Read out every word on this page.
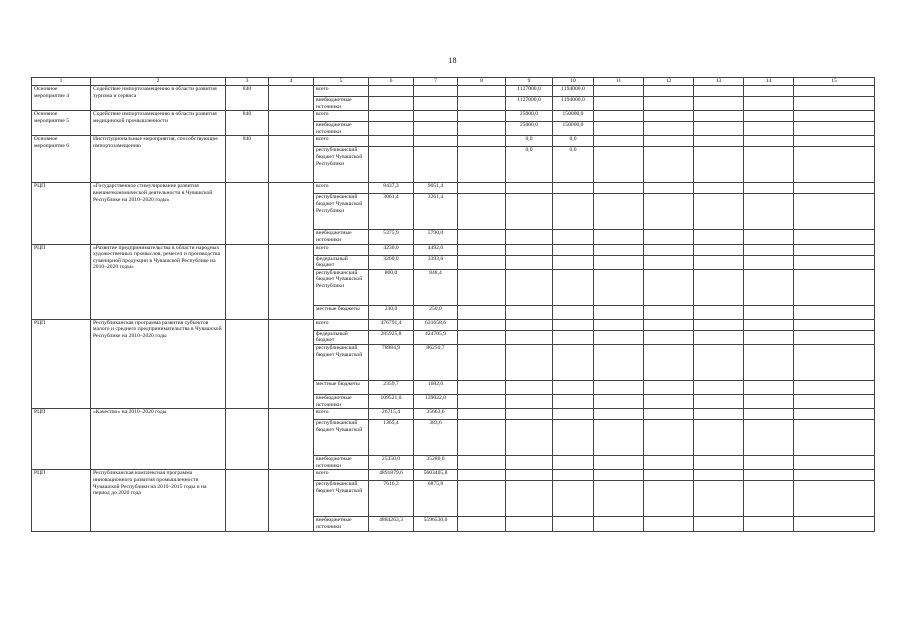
18
1	2	3	4	5	6	7	8	9	10	11	12	13	14	15
Основное мероприятие 4	Содействие импортозамещению в области развития туризма и сервиса	840		всего				1127000,0	1194000,0					
				внебюджетные источники				1127000,0	1194000,0					
Основное мероприятие 5	Содействие импортозамещению в области развития медицинской промышленности	840		всего				25000,0	150000,0					
				внебюджетные источники				25000,0	150000,0					
Основное мероприятие 6	Институциональные мероприятия, способствующие импортозамещению	840		всего				0,0	0,0					
				республиканский бюджет Чувашской Республики				0,0	0,0					
РЦП	«Государственное стимулирование развития внешнеэкономической деятельности в Чувашской Республике на 2010–2020 годы»			всего	8437,3	9051,4								
				республиканский бюджет Чувашской Республики	3061,4	3261,4								
				внебюджетные источники	5375,9	5790,0								
РЦП	«Развитие предпринимательства в области народных художественных промыслов, ремесел и производства сувенирной продукции в Чувашской Республике на 2010–2020 годы»			всего	4230,0	4492,0								
				федеральный бюджет	3200,0	3393,6								
				республиканский бюджет Чувашской Республики	800,0	848,4								
				местные бюджеты	230,0	250,0								
РЦП	Республиканская программа развития субъектов малого и среднего предпринимательства в Чувашской Республике на 2010–2020 годы			всего	476791,4	631658,6								
				федеральный бюджет	285925,8	424705,9								
				республиканский бюджет Чувашской	78984,9	86250,7								
				местные бюджеты	2359,7	1682,0								
				внебюджетные источники	109521,0	139022,0								
РЦП	«Качество» на 2010–2020 годы			всего	26715,4	35663,6								
				республиканский бюджет Чувашской	1365,4	383,6								
				внебюджетные источники	25350,0	35280,0								
РЦП	Республиканская комплексная программа инновационного развития промышленности Чувашской Республики на 2010–2015 годы и на период до 2020 года			всего	4891879,6	5603405,8								
				республиканский бюджет Чувашской	7616,3	6875,8								
				внебюджетные источники	4884263,3	5596530,0								
